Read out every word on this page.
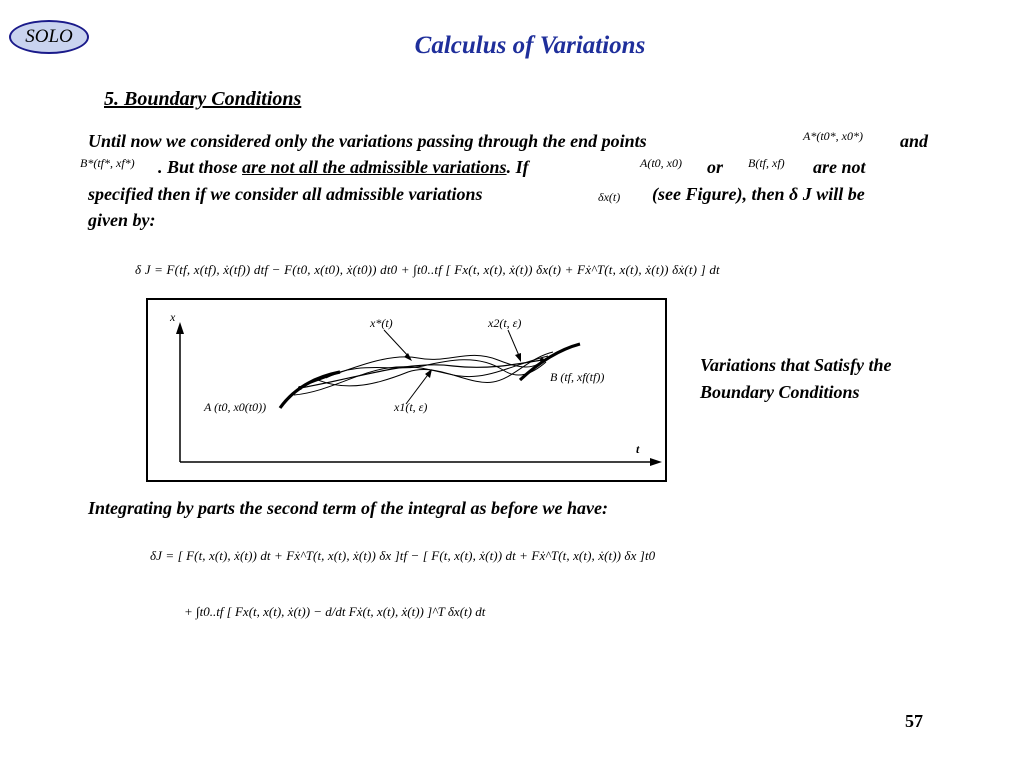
SOLO	Calculus of Variations
5. Boundary Conditions
Until now we considered only the variations passing through the end points	A*(t0*, x0*) and
B*(tf*, xf*) . But those are not all the admissible variations. If	A(t0, x0) or B(tf, xf) are not
specified then if we consider all admissible variations	δx(t) (see Figure), then δ J will be
given by:
δ J = F(tf, x(tf), ẋ(tf)) dtf − F(t0, x(t0), ẋ(t0)) dt0 + ∫t0..tf [ Fx(t, x(t), ẋ(t)) δx(t) + Fẋ^T(t, x(t), ẋ(t)) δẋ(t) ] dt
x
t
x*(t)	x2(t, ε)
x1(t, ε)
A (t0, x0(t0))
B (tf, xf(tf))
Variations that Satisfy the
Boundary Conditions
Integrating by parts the second term of the integral as before we have:
δJ = [ F(t, x(t), ẋ(t)) dt + Fẋ^T(t, x(t), ẋ(t)) δx ]tf − [ F(t, x(t), ẋ(t)) dt + Fẋ^T(t, x(t), ẋ(t)) δx ]t0
+ ∫t0..tf [ Fx(t, x(t), ẋ(t)) − d/dt Fẋ(t, x(t), ẋ(t)) ]^T δx(t) dt
57
